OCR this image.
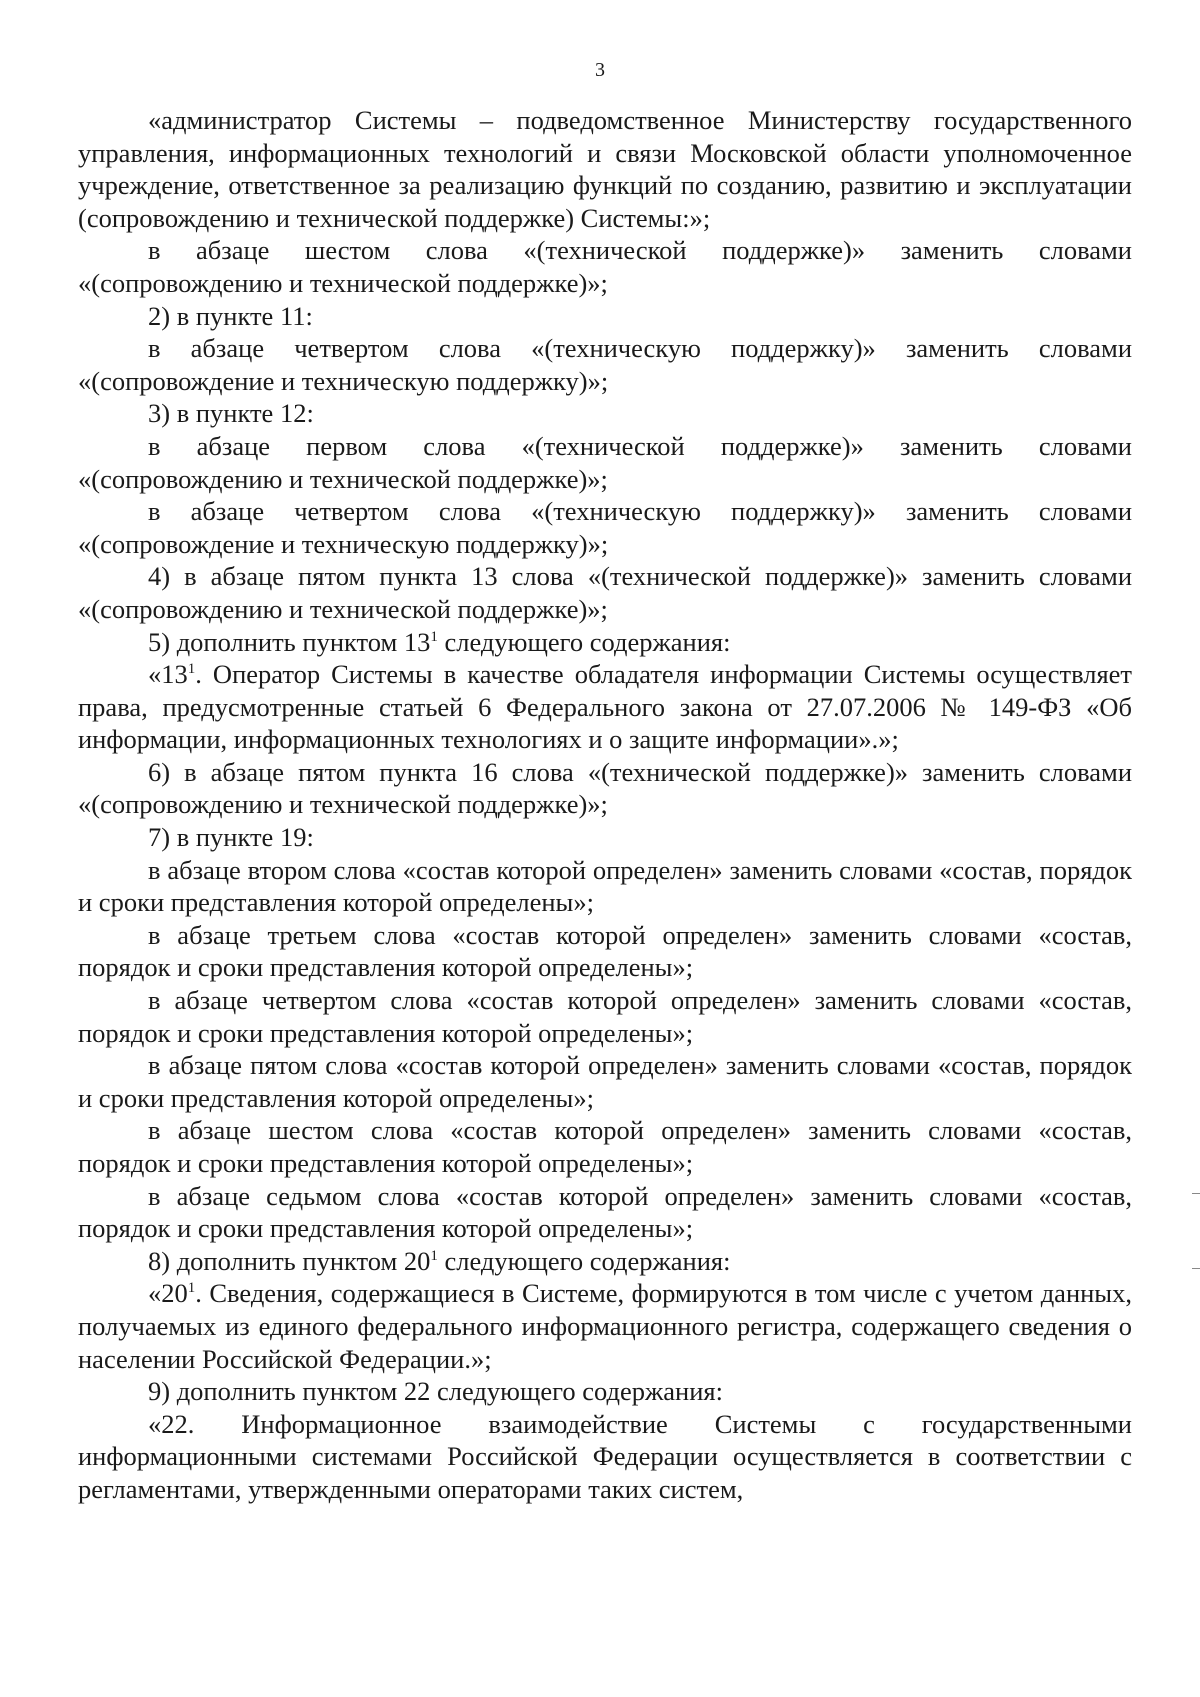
3

«администратор Системы – подведомственное Министерству государственного управления, информационных технологий и связи Московской области уполномоченное учреждение, ответственное за реализацию функций по созданию, развитию и эксплуатации (сопровождению и технической поддержке) Системы:»;

в абзаце шестом слова «(технической поддержке)» заменить словами «(сопровождению и технической поддержке)»;

2) в пункте 11:

в абзаце четвертом слова «(техническую поддержку)» заменить словами «(сопровождение и техническую поддержку)»;

3) в пункте 12:

в абзаце первом слова «(технической поддержке)» заменить словами «(сопровождению и технической поддержке)»;

в абзаце четвертом слова «(техническую поддержку)» заменить словами «(сопровождение и техническую поддержку)»;

4) в абзаце пятом пункта 13 слова «(технической поддержке)» заменить словами «(сопровождению и технической поддержке)»;

5) дополнить пунктом $13^1$ следующего содержания:

«$13^1$. Оператор Системы в качестве обладателя информации Системы осуществляет права, предусмотренные статьей 6 Федерального закона от 27.07.2006 № 149-ФЗ «Об информации, информационных технологиях и о защите информации».»;

6) в абзаце пятом пункта 16 слова «(технической поддержке)» заменить словами «(сопровождению и технической поддержке)»;

7) в пункте 19:

в абзаце втором слова «состав которой определен» заменить словами «состав, порядок и сроки представления которой определены»;

в абзаце третьем слова «состав которой определен» заменить словами «состав, порядок и сроки представления которой определены»;

в абзаце четвертом слова «состав которой определен» заменить словами «состав, порядок и сроки представления которой определены»;

в абзаце пятом слова «состав которой определен» заменить словами «состав, порядок и сроки представления которой определены»;

в абзаце шестом слова «состав которой определен» заменить словами «состав, порядок и сроки представления которой определены»;

в абзаце седьмом слова «состав которой определен» заменить словами «состав, порядок и сроки представления которой определены»;

8) дополнить пунктом $20^1$ следующего содержания:

«$20^1$. Сведения, содержащиеся в Системе, формируются в том числе с учетом данных, получаемых из единого федерального информационного регистра, содержащего сведения о населении Российской Федерации.»;

9) дополнить пунктом 22 следующего содержания:

«22. Информационное взаимодействие Системы с государственными информационными системами Российской Федерации осуществляется в соответствии с регламентами, утвержденными операторами таких систем,
